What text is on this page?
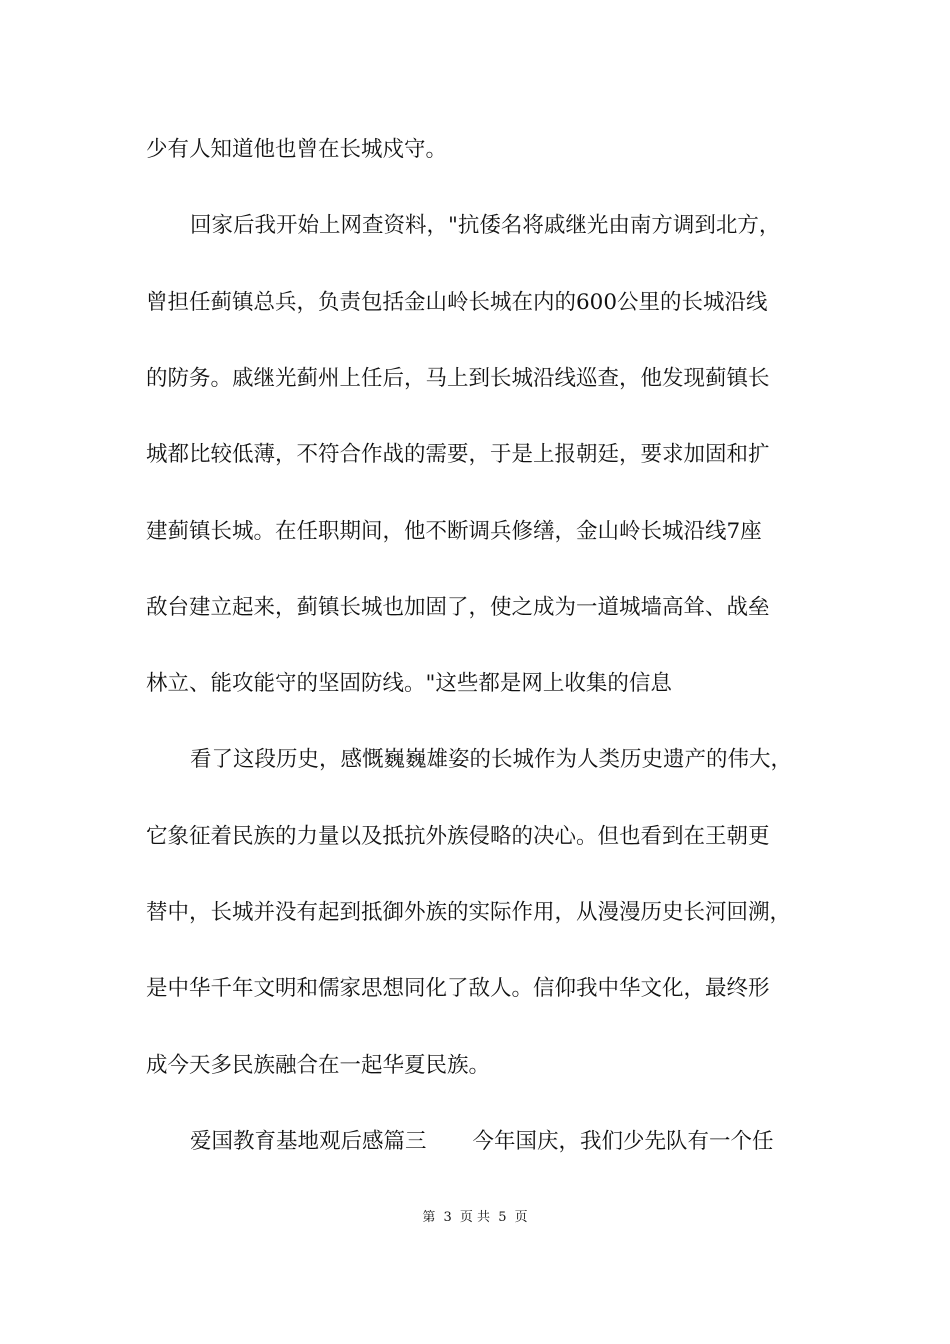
少有人知道他也曾在长城戍守。
回家后我开始上网查资料，"抗倭名将戚继光由南方调到北方，
曾担任蓟镇总兵，负责包括金山岭长城在内的600公里的长城沿线
的防务。戚继光蓟州上任后，马上到长城沿线巡查，他发现蓟镇长
城都比较低薄，不符合作战的需要，于是上报朝廷，要求加固和扩
建蓟镇长城。在任职期间，他不断调兵修缮，金山岭长城沿线7座
敌台建立起来，蓟镇长城也加固了，使之成为一道城墙高耸、战垒
林立、能攻能守的坚固防线。"这些都是网上收集的信息
看了这段历史，感慨巍巍雄姿的长城作为人类历史遗产的伟大，
它象征着民族的力量以及抵抗外族侵略的决心。但也看到在王朝更
替中，长城并没有起到抵御外族的实际作用，从漫漫历史长河回溯，
是中华千年文明和儒家思想同化了敌人。信仰我中华文化，最终形
成今天多民族融合在一起华夏民族。
爱国教育基地观后感篇三 今年国庆，我们少先队有一个任
第 3 页 共 5 页
